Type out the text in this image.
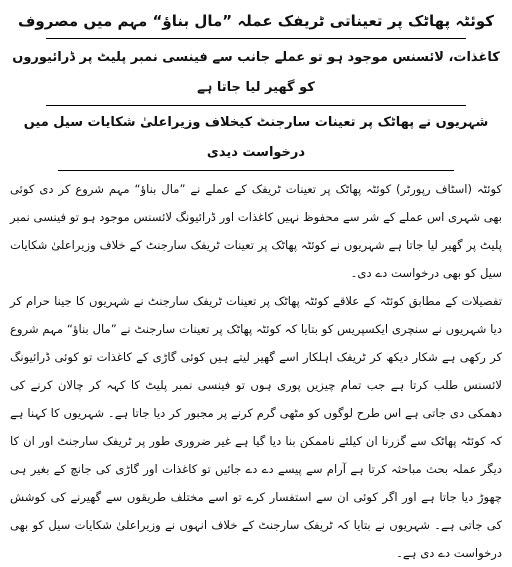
کوئٹہ پھاٹک پر تعیناتی ٹریفک عملہ ”مال بناؤ“ مہم میں مصروف

کاغذات، لائسنس موجود ہو تو عملے جانب سے فینسی نمبر پلیٹ پر ڈرائیوروں کو گھیر لیا جاتا ہے

شہریوں نے پھاٹک پر تعینات سارجنٹ کیخلاف وزیراعلیٰ شکایات سیل میں درخواست دیدی

کوئٹہ (اسٹاف رپورٹر) کوئٹہ پھاٹک پر تعینات ٹریفک کے عملے نے ”مال بناؤ“ مہم شروع کر دی کوئی بھی شہری اس عملے کے شر سے محفوظ نہیں کاغذات اور ڈرائیونگ لائسنس موجود ہو تو فینسی نمبر پلیٹ پر گھیر لیا جاتا ہے شہریوں نے کوئٹہ پھاٹک پر تعینات ٹریفک سارجنٹ کے خلاف وزیراعلیٰ شکایات سیل کو بھی درخواست دے دی۔

تفصیلات کے مطابق کوئٹہ کے علاقے کوئٹہ پھاٹک پر تعینات ٹریفک سارجنٹ نے شہریوں کا جینا حرام کر دیا شہریوں نے سنچری ایکسپریس کو بتایا کہ کوئٹہ پھاٹک پر تعینات سارجنٹ نے ”مال بناؤ“ مہم شروع کر رکھی ہے شکار دیکھ کر ٹریفک اہلکار اسے گھیر لیتے ہیں کوئی گاڑی کے کاغذات تو کوئی ڈرائیونگ لائسنس طلب کرتا ہے جب تمام چیزیں پوری ہوں تو فینسی نمبر پلیٹ کا کہہ کر چالان کرنے کی دھمکی دی جاتی ہے اس طرح لوگوں کو مٹھی گرم کرنے پر مجبور کر دیا جاتا ہے۔ شہریوں کا کہنا ہے کہ کوئٹہ پھاٹک سے گزرنا ان کیلئے ناممکن بنا دیا گیا ہے غیر ضروری طور پر ٹریفک سارجنٹ اور ان کا دیگر عملہ بحث مباحثہ کرتا ہے آرام سے پیسے دے دے جائیں تو کاغذات اور گاڑی کی جانچ کے بغیر ہی چھوڑ دیا جاتا ہے اور اگر کوئی ان سے استفسار کرے تو اسے مختلف طریقوں سے گھیرنے کی کوشش کی جاتی ہے۔ شہریوں نے بتایا کہ ٹریفک سارجنٹ کے خلاف انہوں نے وزیراعلیٰ شکایات سیل کو بھی درخواست دے دی ہے۔
